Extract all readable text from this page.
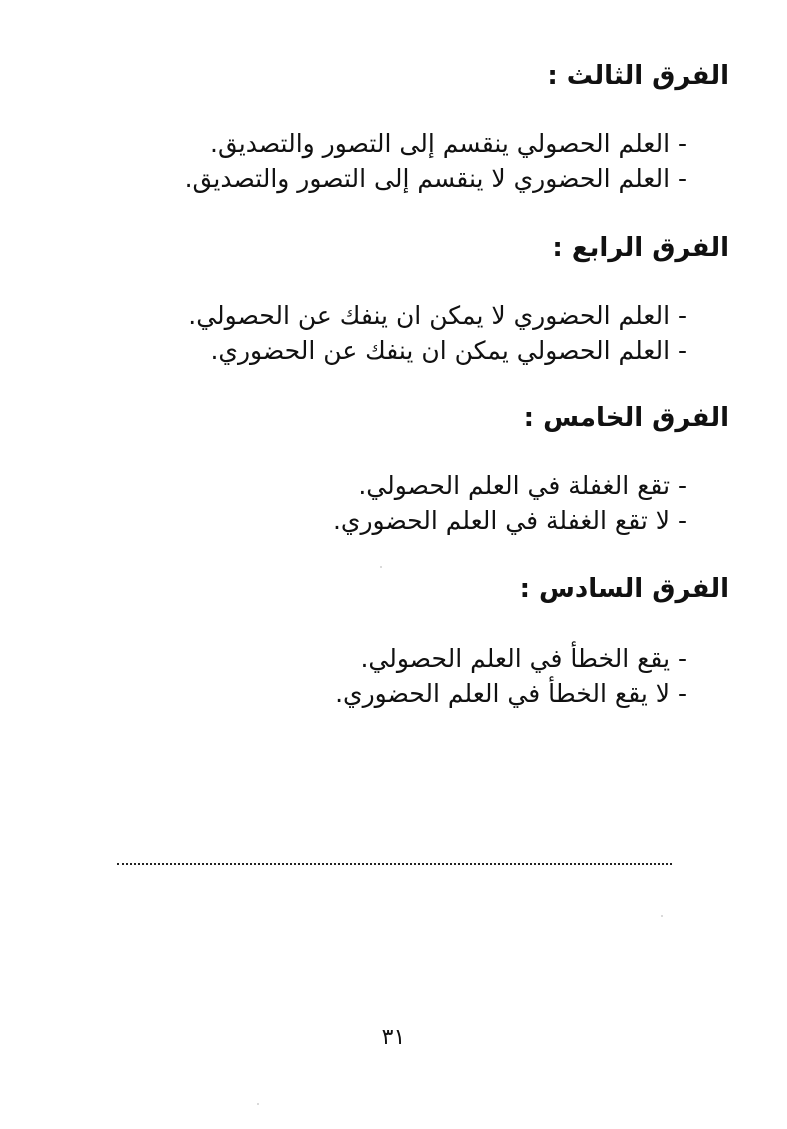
الفرق الثالث :
- العلم الحصولي ينقسم إلى التصور والتصديق.
- العلم الحضوري لا ينقسم إلى التصور والتصديق.
الفرق الرابع :
- العلم الحضوري لا يمكن ان ينفك عن الحصولي.
- العلم الحصولي يمكن ان ينفك عن الحضوري.
الفرق الخامس :
- تقع الغفلة في العلم الحصولي.
- لا تقع الغفلة في العلم الحضوري.
الفرق السادس :
- يقع الخطأ في العلم الحصولي.
- لا يقع الخطأ في العلم الحضوري.
٣١
